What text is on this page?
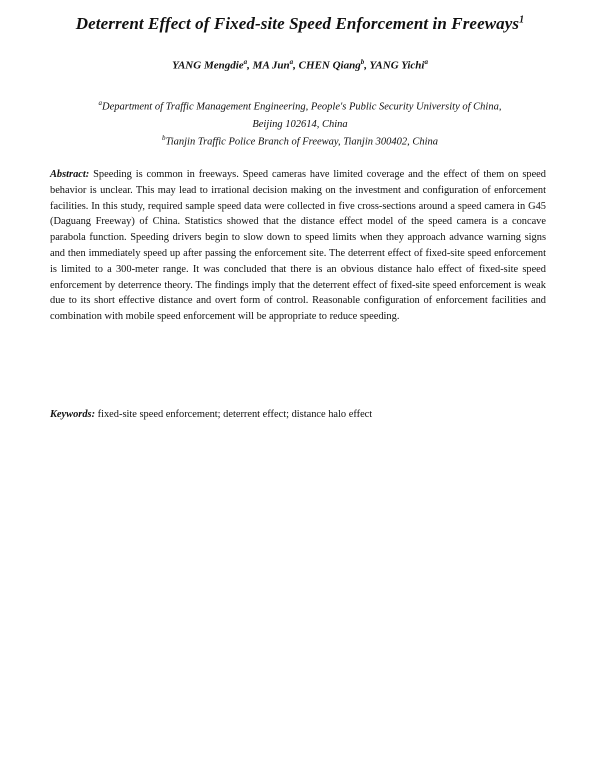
Deterrent Effect of Fixed-site Speed Enforcement in Freeways$^1$
YANG Mengdie$^a$, MA Jun$^a$, CHEN Qiang$^b$, YANG Yichi$^a$
$^a$Department of Traffic Management Engineering, People's Public Security University of China,
Beijing 102614, China
$^b$Tianjin Traffic Police Branch of Freeway, Tianjin 300402, China
Abstract: Speeding is common in freeways. Speed cameras have limited coverage and the effect of them on speed behavior is unclear. This may lead to irrational decision making on the investment and configuration of enforcement facilities. In this study, required sample speed data were collected in five cross-sections around a speed camera in G45 (Daguang Freeway) of China. Statistics showed that the distance effect model of the speed camera is a concave parabola function. Speeding drivers begin to slow down to speed limits when they approach advance warning signs and then immediately speed up after passing the enforcement site. The deterrent effect of fixed-site speed enforcement is limited to a 300-meter range. It was concluded that there is an obvious distance halo effect of fixed-site speed enforcement by deterrence theory. The findings imply that the deterrent effect of fixed-site speed enforcement is weak due to its short effective distance and overt form of control. Reasonable configuration of enforcement facilities and combination with mobile speed enforcement will be appropriate to reduce speeding.
Keywords: fixed-site speed enforcement; deterrent effect; distance halo effect
